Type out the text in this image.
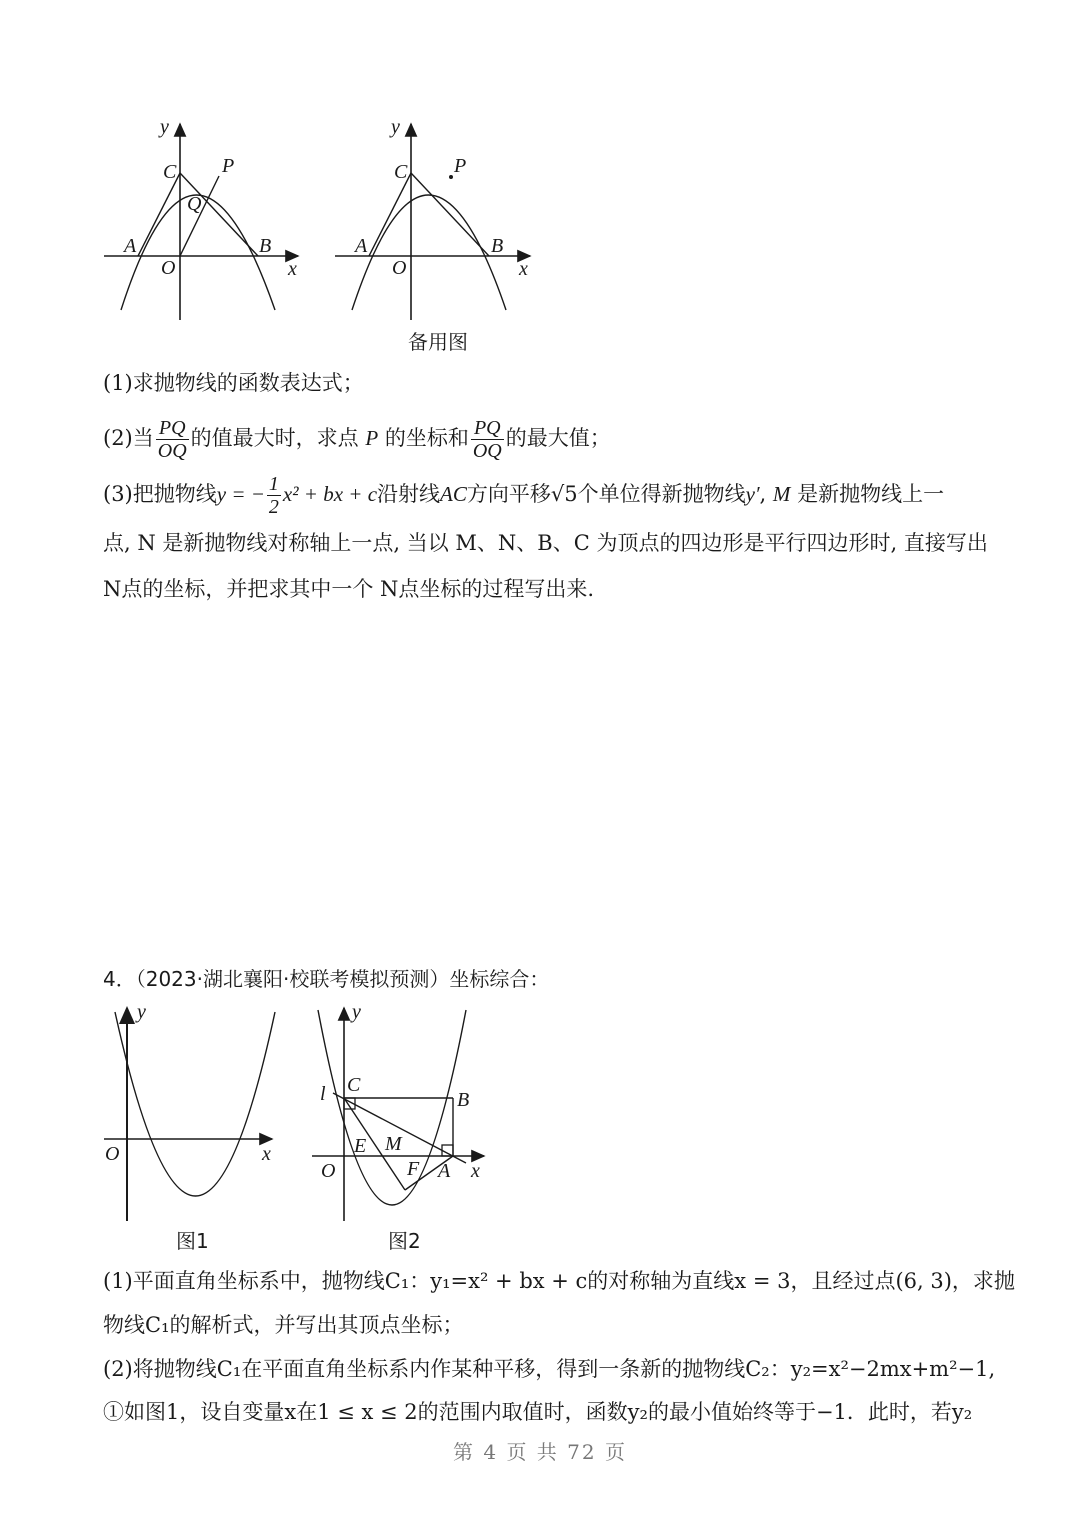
y
x
C P
Q
A	B
O
y
x
C P
A	B
O
备用图
(1)求抛物线的函数表达式；
(2)当 $\frac{PQ}{OQ}$ 的值最大时，求点 P 的坐标和 $\frac{PQ}{OQ}$ 的最大值；
(3)把抛物线y = − $\frac{1}{2} x^2$ + bx + c沿射线AC方向平移√5个单位得新抛物线y′, M 是新抛物线上一
点, N 是新抛物线对称轴上一点, 当以 M、N、B、C 为顶点的四边形是平行四边形时, 直接写出
N点的坐标，并把求其中一个 N点坐标的过程写出来.
4．（2023·湖北襄阳·校联考模拟预测）坐标综合：
y
x
O
图1
y
x
O
l C
B
E M
F A
图2
(1)平面直角坐标系中，抛物线C₁：y₁=x² + bx + c的对称轴为直线x = 3，且经过点(6, 3)，求抛
物线C₁的解析式，并写出其顶点坐标；
(2)将抛物线C₁在平面直角坐标系内作某种平移，得到一条新的抛物线C₂：y₂=x²−2mx+m²−1,
①如图1，设自变量x在1 ≤ x ≤ 2的范围内取值时，函数y₂的最小值始终等于−1．此时，若y₂
第 4 页 共 72 页
